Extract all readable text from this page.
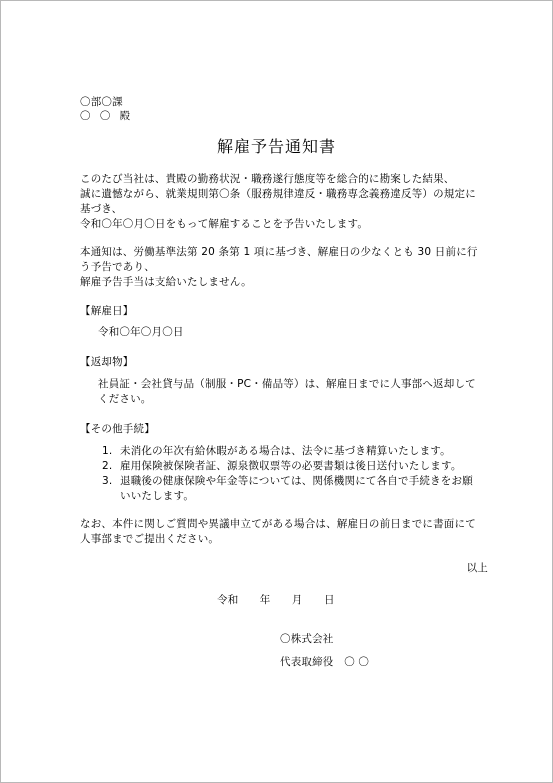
〇部〇課
〇 〇 殿
解雇予告通知書
このたび当社は、貴殿の勤務状況・職務遂行態度等を総合的に勘案した結果、
誠に遺憾ながら、就業規則第〇条（服務規律違反・職務専念義務違反等）の規定に
基づき、
令和〇年〇月〇日をもって解雇することを予告いたします。
本通知は、労働基準法第 20 条第 1 項に基づき、解雇日の少なくとも 30 日前に行
う予告であり、
解雇予告手当は支給いたしません。
【解雇日】
令和〇年〇月〇日
【返却物】
社員証・会社貸与品（制服・PC・備品等）は、解雇日までに人事部へ返却して
ください。
【その他手続】
1. 未消化の年次有給休暇がある場合は、法令に基づき精算いたします。
2. 雇用保険被保険者証、源泉徴収票等の必要書類は後日送付いたします。
3. 退職後の健康保険や年金等については、関係機関にて各自で手続きをお願
いいたします。
なお、本件に関しご質問や異議申立てがある場合は、解雇日の前日までに書面にて
人事部までご提出ください。
以上
令和　　年　　月　　日
〇株式会社
代表取締役　〇 〇
